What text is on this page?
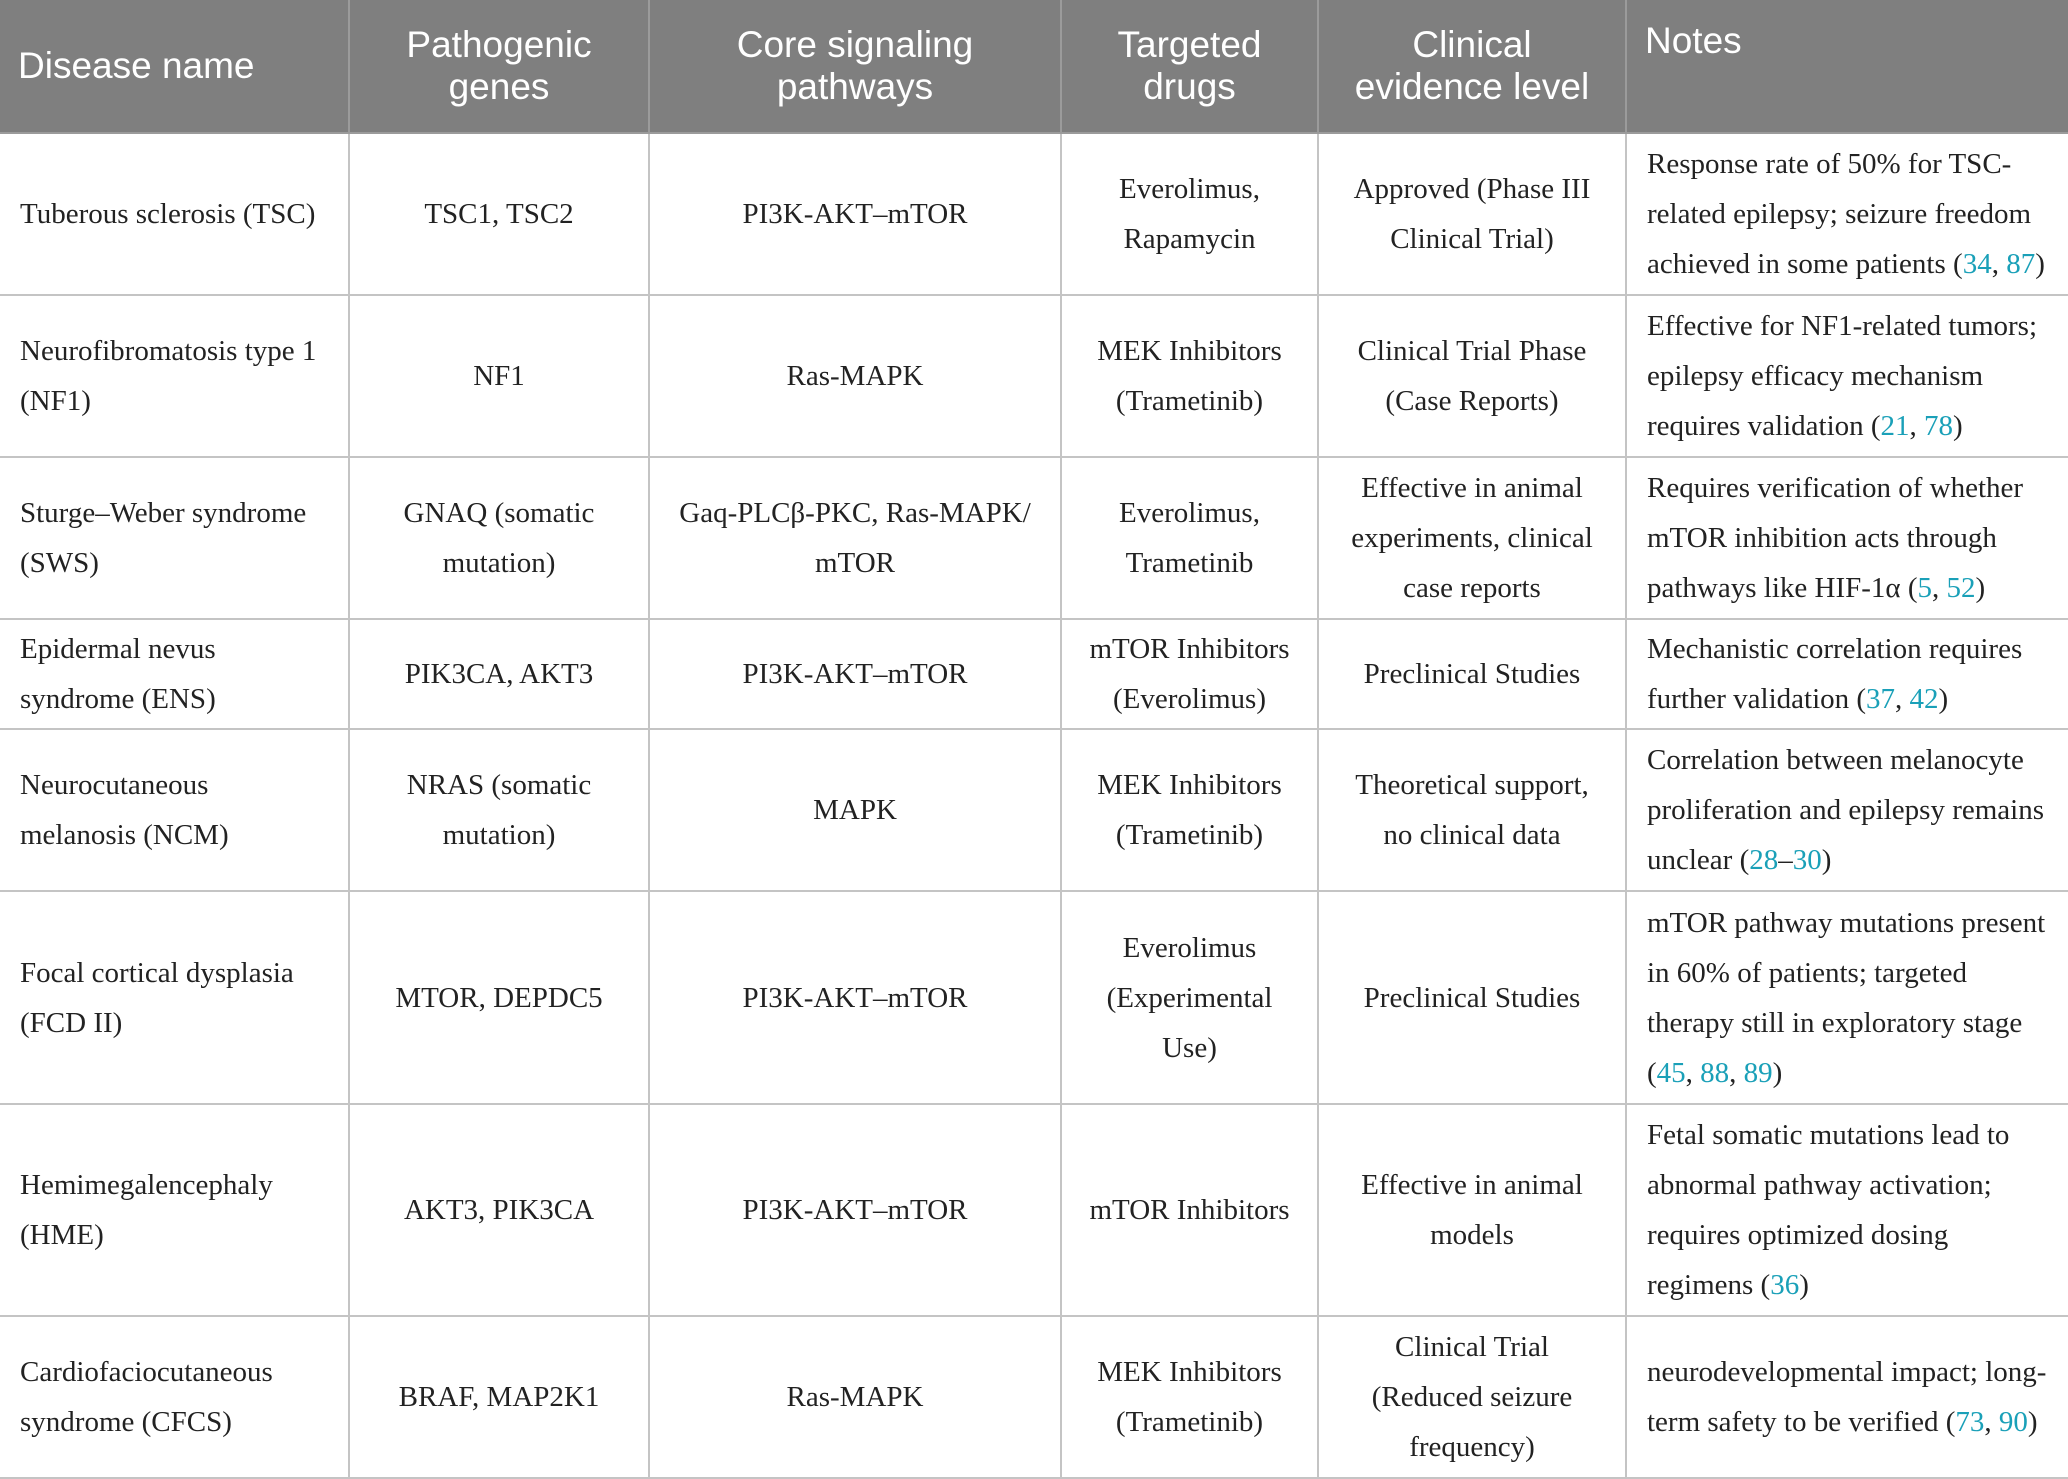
Disease name	Pathogenic genes	Core signaling pathways	Targeted drugs	Clinical evidence level	Notes
Tuberous sclerosis (TSC)	TSC1, TSC2	PI3K-AKT–mTOR	Everolimus, Rapamycin	Approved (Phase III Clinical Trial)	Response rate of 50% for TSC-related epilepsy; seizure freedom achieved in some patients (34, 87)
Neurofibromatosis type 1 (NF1)	NF1	Ras-MAPK	MEK Inhibitors (Trametinib)	Clinical Trial Phase (Case Reports)	Effective for NF1-related tumors; epilepsy efficacy mechanism requires validation (21, 78)
Sturge–Weber syndrome (SWS)	GNAQ (somatic mutation)	Gaq-PLCβ-PKC, Ras-MAPK/ mTOR	Everolimus, Trametinib	Effective in animal experiments, clinical case reports	Requires verification of whether mTOR inhibition acts through pathways like HIF-1α (5, 52)
Epidermal nevus syndrome (ENS)	PIK3CA, AKT3	PI3K-AKT–mTOR	mTOR Inhibitors (Everolimus)	Preclinical Studies	Mechanistic correlation requires further validation (37, 42)
Neurocutaneous melanosis (NCM)	NRAS (somatic mutation)	MAPK	MEK Inhibitors (Trametinib)	Theoretical support, no clinical data	Correlation between melanocyte proliferation and epilepsy remains unclear (28–30)
Focal cortical dysplasia (FCD II)	MTOR, DEPDC5	PI3K-AKT–mTOR	Everolimus (Experimental Use)	Preclinical Studies	mTOR pathway mutations present in 60% of patients; targeted therapy still in exploratory stage (45, 88, 89)
Hemimegalencephaly (HME)	AKT3, PIK3CA	PI3K-AKT–mTOR	mTOR Inhibitors	Effective in animal models	Fetal somatic mutations lead to abnormal pathway activation; requires optimized dosing regimens (36)
Cardiofaciocutaneous syndrome (CFCS)	BRAF, MAP2K1	Ras-MAPK	MEK Inhibitors (Trametinib)	Clinical Trial (Reduced seizure frequency)	neurodevelopmental impact; long-term safety to be verified (73, 90)
